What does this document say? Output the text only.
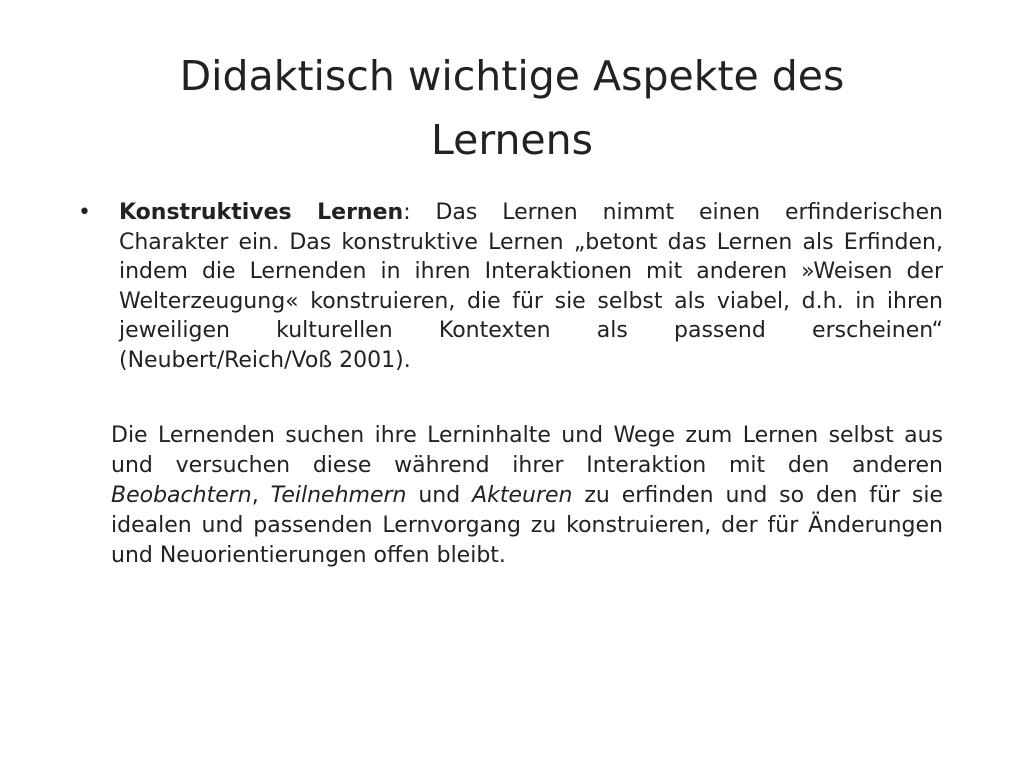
Didaktisch wichtige Aspekte des Lernens
• Konstruktives Lernen: Das Lernen nimmt einen erfinderischen Charakter ein. Das konstruktive Lernen „betont das Lernen als Erfinden, indem die Lernenden in ihren Interaktionen mit anderen »Weisen der Welterzeugung« konstruieren, die für sie selbst als viabel, d.h. in ihren jeweiligen kulturellen Kontexten als passend erscheinen“ (Neubert/Reich/Voß 2001).
Die Lernenden suchen ihre Lerninhalte und Wege zum Lernen selbst aus und versuchen diese während ihrer Interaktion mit den anderen Beobachtern, Teilnehmern und Akteuren zu erfinden und so den für sie idealen und passenden Lernvorgang zu konstruieren, der für Änderungen und Neuorientierungen offen bleibt.
